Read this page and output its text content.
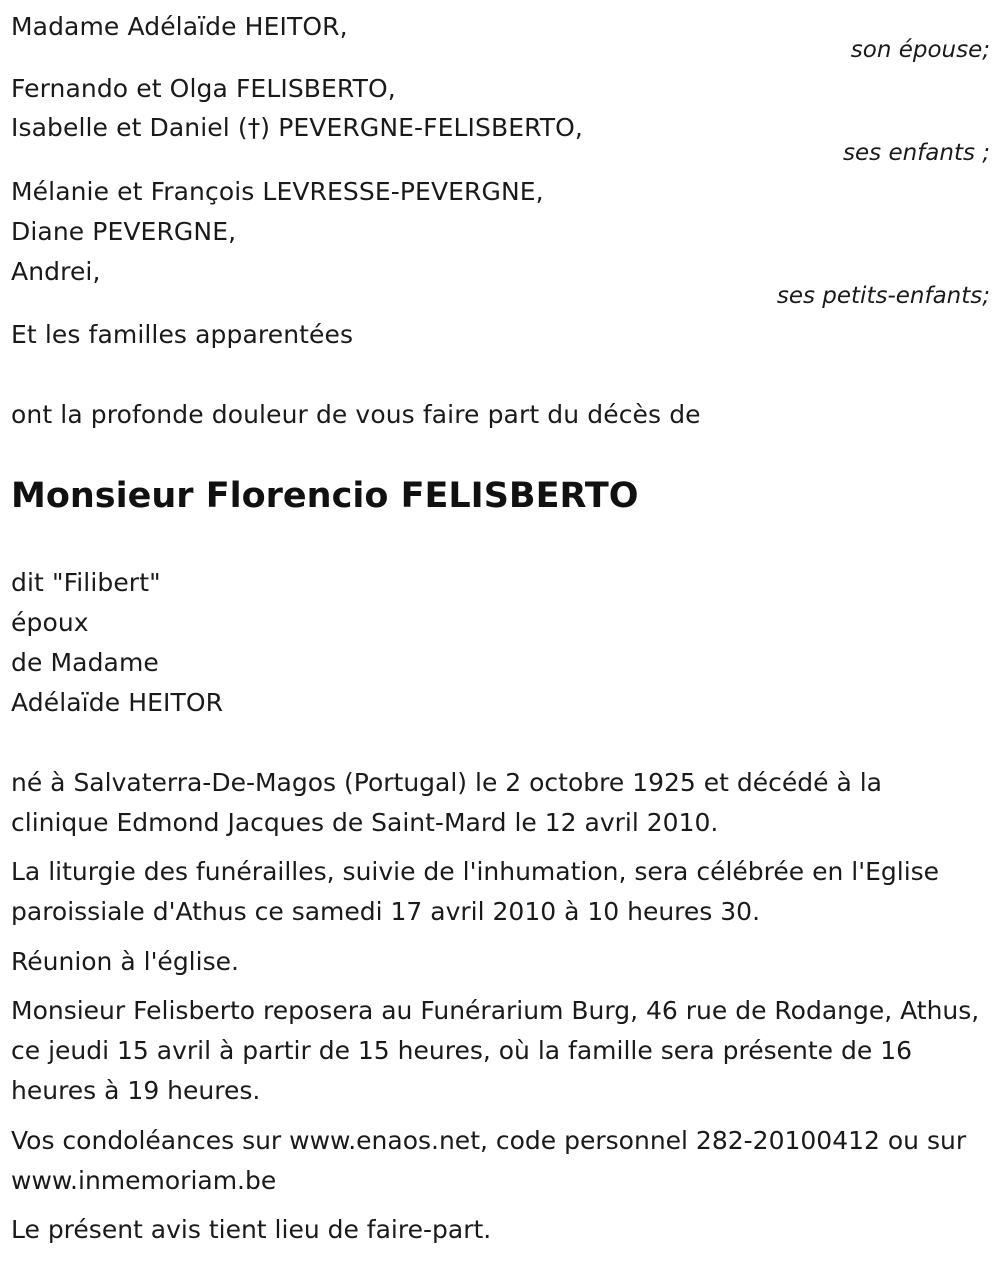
Madame Adélaïde HEITOR,
son épouse;
Fernando et Olga FELISBERTO,
Isabelle et Daniel (†) PEVERGNE-FELISBERTO,
ses enfants ;
Mélanie et François LEVRESSE-PEVERGNE,
Diane PEVERGNE,
Andrei,
ses petits-enfants;
Et les familles apparentées
ont la profonde douleur de vous faire part du décès de
Monsieur Florencio FELISBERTO
dit "Filibert"
époux
de Madame
Adélaïde HEITOR
né à Salvaterra-De-Magos (Portugal) le 2 octobre 1925 et décédé à la clinique Edmond Jacques de Saint-Mard le 12 avril 2010.
La liturgie des funérailles, suivie de l'inhumation, sera célébrée en l'Eglise paroissiale d'Athus ce samedi 17 avril 2010 à 10 heures 30.
Réunion à l'église.
Monsieur Felisberto reposera au Funérarium Burg, 46 rue de Rodange, Athus, ce jeudi 15 avril à partir de 15 heures, où la famille sera présente de 16 heures à 19 heures.
Vos condoléances sur www.enaos.net, code personnel 282-20100412 ou sur www.inmemoriam.be
Le présent avis tient lieu de faire-part.
